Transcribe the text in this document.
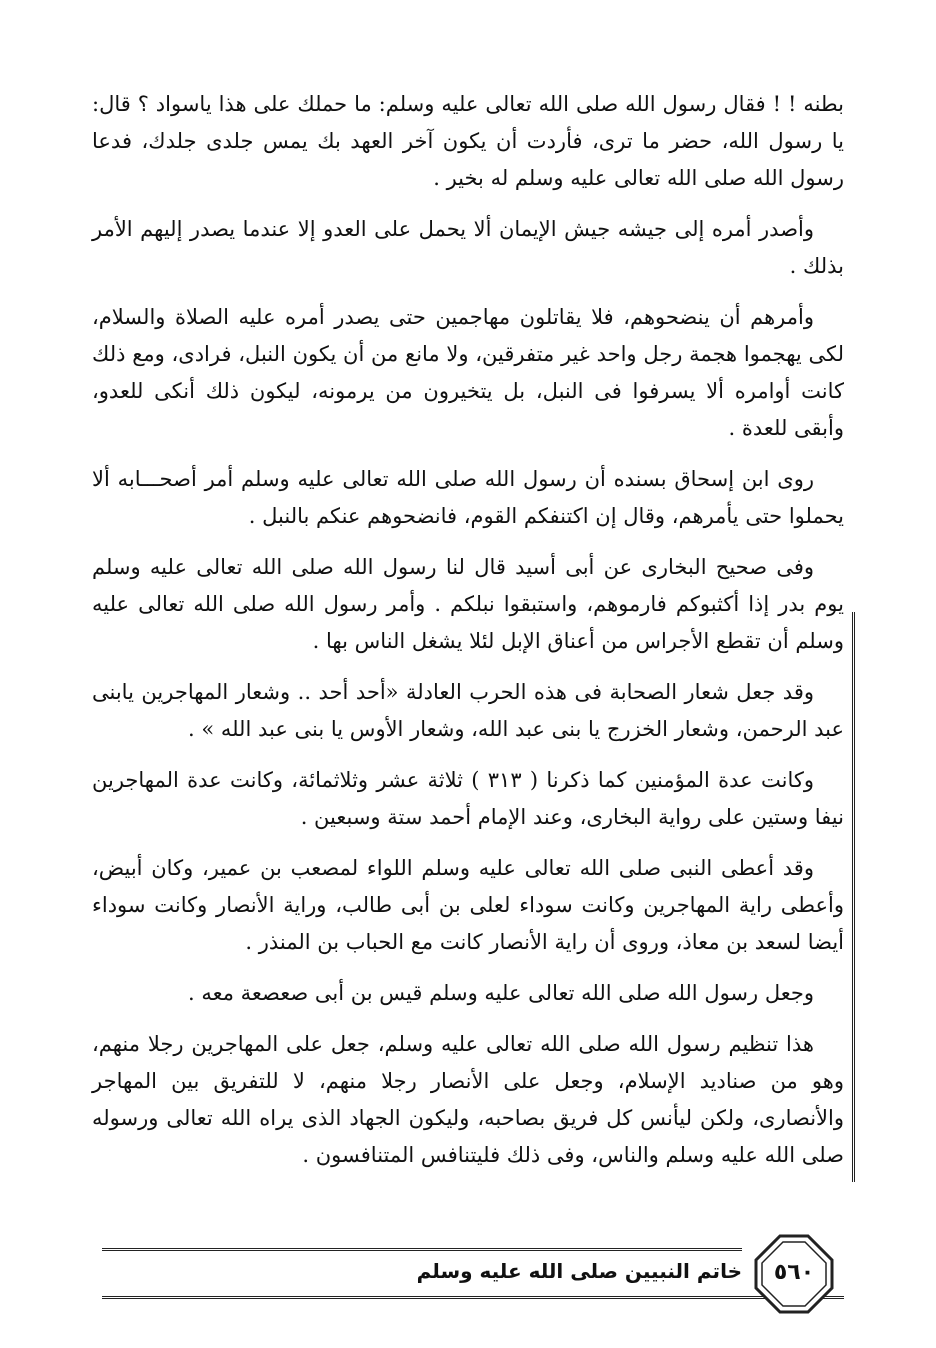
بطنه ! ! فقال رسول الله صلى الله تعالى عليه وسلم: ما حملك على هذا ياسواد ؟ قال: يا رسول الله، حضر ما ترى، فأردت أن يكون آخر العهد بك يمس جلدى جلدك، فدعا رسول الله صلى الله تعالى عليه وسلم له بخير .

وأصدر أمره إلى جيشه جيش الإيمان ألا يحمل على العدو إلا عندما يصدر إليهم الأمر بذلك .

وأمرهم أن ينضحوهم، فلا يقاتلون مهاجمين حتى يصدر أمره عليه الصلاة والسلام، لكى يهجموا هجمة رجل واحد غير متفرقين، ولا مانع من أن يكون النبل، فرادى، ومع ذلك كانت أوامره ألا يسرفوا فى النبل، بل يتخيرون من يرمونه، ليكون ذلك أنكى للعدو، وأبقى للعدة .

روى ابن إسحاق بسنده أن رسول الله صلى الله تعالى عليه وسلم أمر أصحـــابه ألا يحملوا حتى يأمرهم، وقال إن اكتنفكم القوم، فانضحوهم عنكم بالنبل .

وفى صحيح البخارى عن أبى أسيد قال لنا رسول الله صلى الله تعالى عليه وسلم يوم بدر إذا أكثبوكم فارموهم، واستبقوا نبلكم . وأمر رسول الله صلى الله تعالى عليه وسلم أن تقطع الأجراس من أعناق الإبل لئلا يشغل الناس بها .

وقد جعل شعار الصحابة فى هذه الحرب العادلة «أحد أحد .. وشعار المهاجرين يابنى عبد الرحمن، وشعار الخزرج يا بنى عبد الله، وشعار الأوس يا بنى عبد الله » .

وكانت عدة المؤمنين كما ذكرنا ( ٣١٣ ) ثلاثة عشر وثلاثمائة، وكانت عدة المهاجرين نيفا وستين على رواية البخارى، وعند الإمام أحمد ستة وسبعين .

وقد أعطى النبى صلى الله تعالى عليه وسلم اللواء لمصعب بن عمير، وكان أبيض، وأعطى راية المهاجرين وكانت سوداء لعلى بن أبى طالب، وراية الأنصار وكانت سوداء أيضا لسعد بن معاذ، وروى أن راية الأنصار كانت مع الحباب بن المنذر .

وجعل رسول الله صلى الله تعالى عليه وسلم قيس بن أبى صعصعة معه .

هذا تنظيم رسول الله صلى الله تعالى عليه وسلم، جعل على المهاجرين رجلا منهم، وهو من صناديد الإسلام، وجعل على الأنصار رجلا منهم، لا للتفريق بين المهاجر والأنصارى، ولكن ليأنس كل فريق بصاحبه، وليكون الجهاد الذى يراه الله تعالى ورسوله صلى الله عليه وسلم والناس، وفى ذلك فليتنافس المتنافسون .

خاتم النبيين صلى الله عليه وسلم	٥٦٠
